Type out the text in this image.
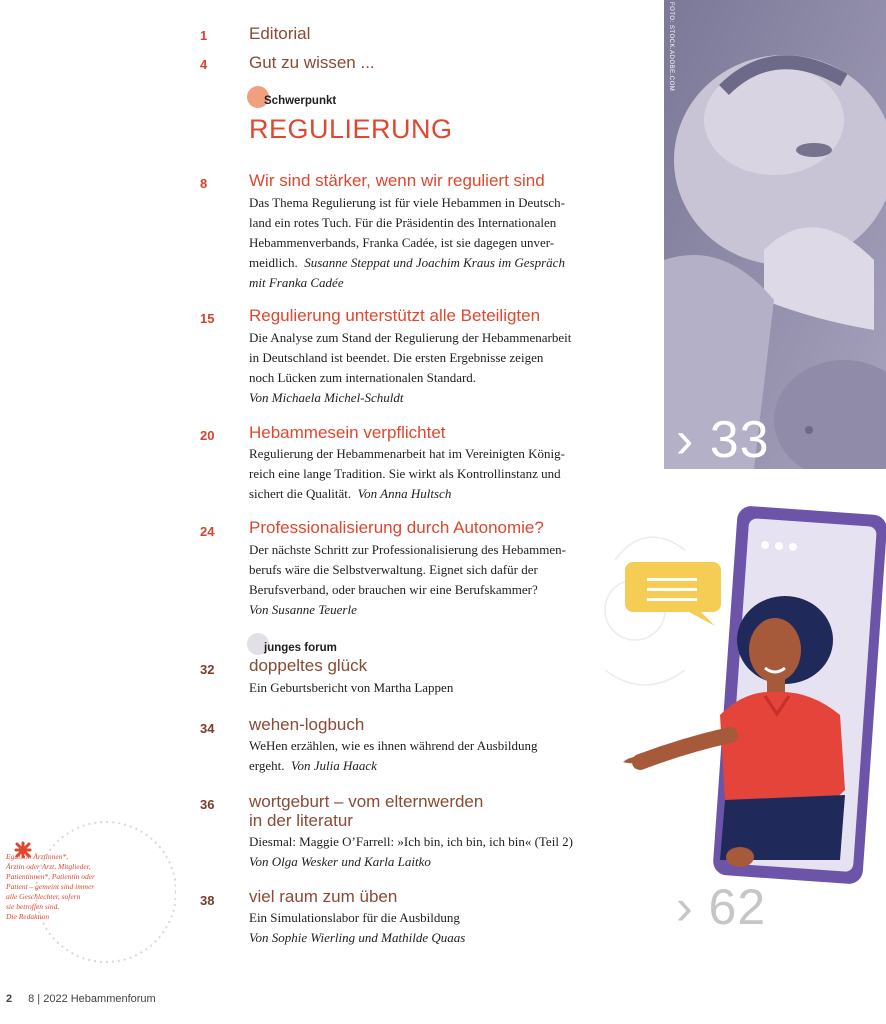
1	Editorial
4	Gut zu wissen ...
Schwerpunkt
REGULIERUNG
8	Wir sind stärker, wenn wir reguliert sind
Das Thema Regulierung ist für viele Hebammen in Deutsch-
land ein rotes Tuch. Für die Präsidentin des Internationalen
Hebammenverbands, Franka Cadée, ist sie dagegen unver-
meidlich. Susanne Steppat und Joachim Kraus im Gespräch
mit Franka Cadée
15	Regulierung unterstützt alle Beteiligten
Die Analyse zum Stand der Regulierung der Hebammenarbeit
in Deutschland ist beendet. Die ersten Ergebnisse zeigen
noch Lücken zum internationalen Standard.
Von Michaela Michel-Schuldt
20	Hebammesein verpflichtet
Regulierung der Hebammenarbeit hat im Vereinigten König-
reich eine lange Tradition. Sie wirkt als Kontrollinstanz und
sichert die Qualität. Von Anna Hultsch
24	Professionalisierung durch Autonomie?
Der nächste Schritt zur Professionalisierung des Hebammen-
berufs wäre die Selbstverwaltung. Eignet sich dafür der
Berufsverband, oder brauchen wir eine Berufskammer?
Von Susanne Teuerle
junges forum
32	doppeltes glück
Ein Geburtsbericht von Martha Lappen
34	wehen-logbuch
WeHen erzählen, wie es ihnen während der Ausbildung
ergeht. Von Julia Haack
36	wortgeburt – vom elternwerden
in der literatur
Diesmal: Maggie O’Farrell: »Ich bin, ich bin, ich bin« (Teil 2)
Von Olga Wesker und Karla Laitko
38	viel raum zum üben
Ein Simulationslabor für die Ausbildung
Von Sophie Wierling und Mathilde Quaas
FOTO: STOCK.ADOBE.COM
› 33
› 62
Egal, ob Ärztinnen*,
Ärztin oder Arzt, Mitglieder,
Patientinnen*, Patientin oder
Patient – gemeint sind immer
alle Geschlechter, sofern
sie betroffen sind.
Die Redaktion
2 8 | 2022 Hebammenforum
